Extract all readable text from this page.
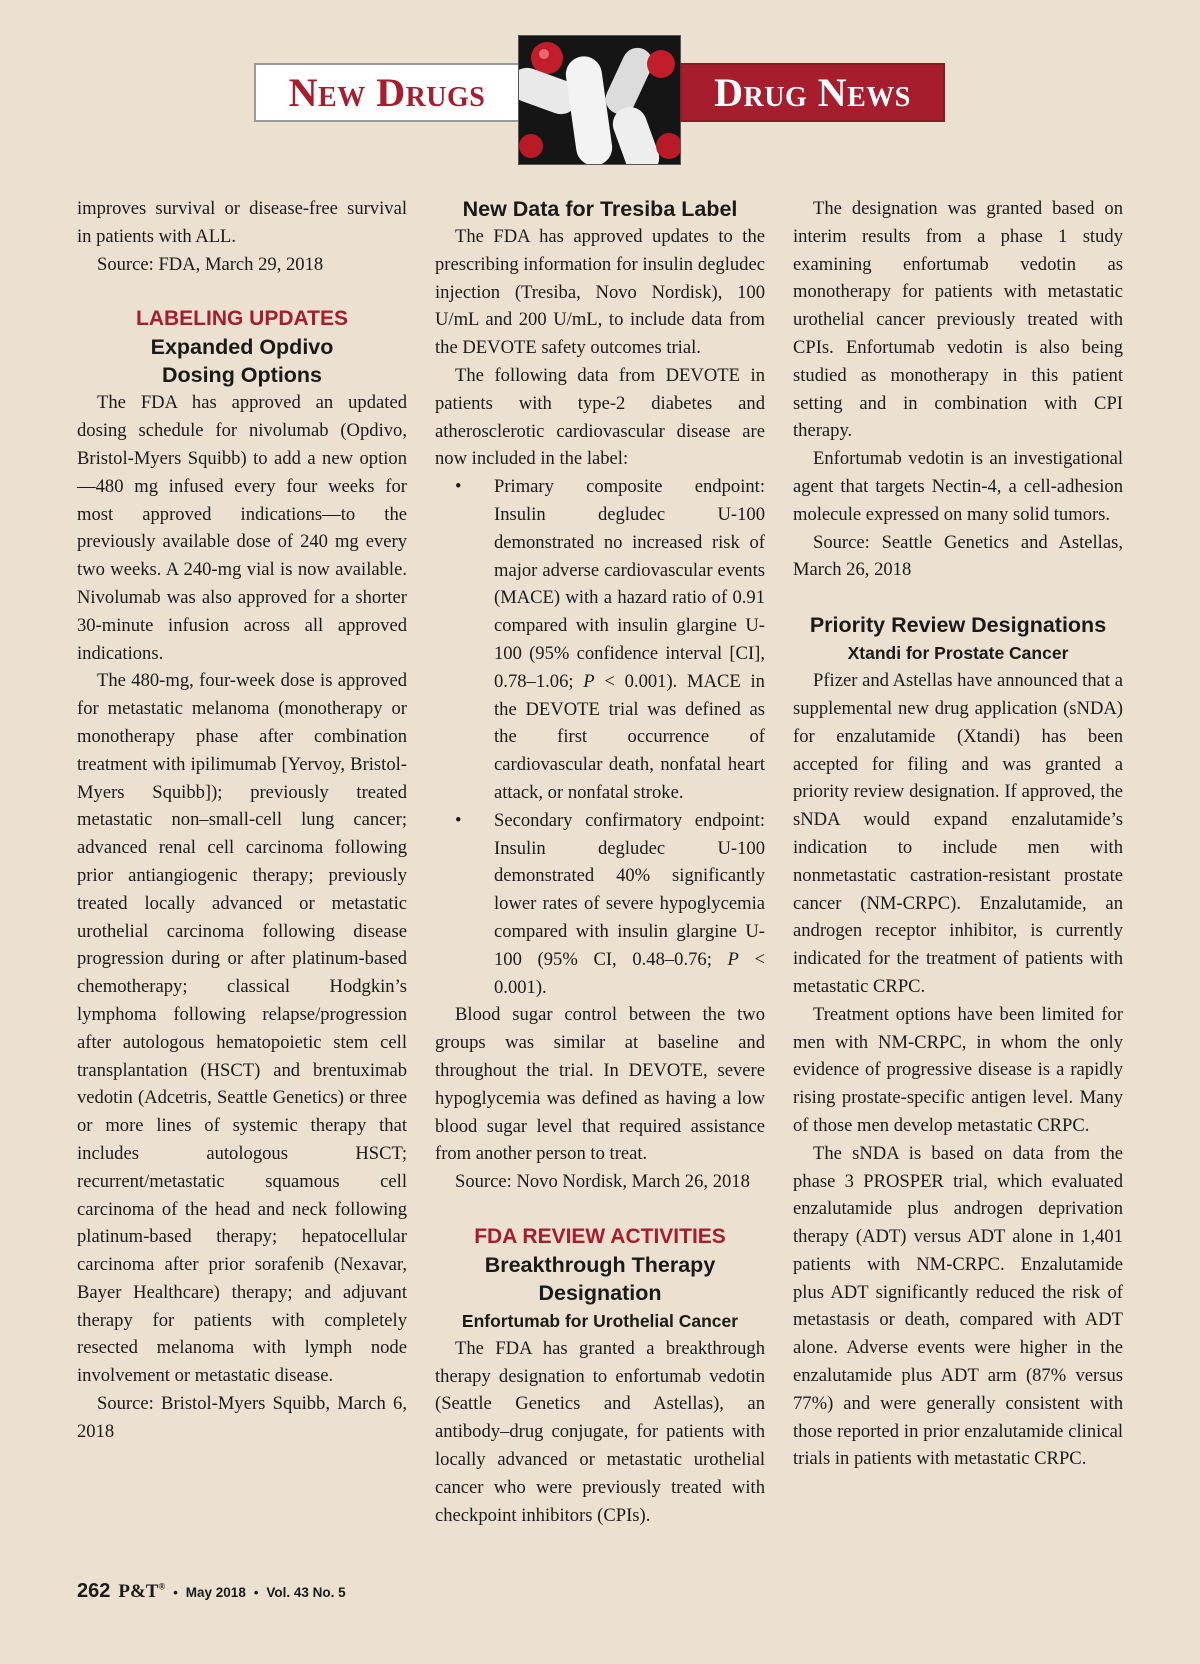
New Drugs	Drug News

improves survival or disease-free survival in patients with ALL.

Source: FDA, March 29, 2018

LABELING UPDATES
Expanded Opdivo
Dosing Options

The FDA has approved an updated dosing schedule for nivolumab (Opdivo, Bristol-Myers Squibb) to add a new option—480 mg infused every four weeks for most approved indications—to the previously available dose of 240 mg every two weeks. A 240-mg vial is now available. Nivolumab was also approved for a shorter 30-minute infusion across all approved indications.

The 480-mg, four-week dose is approved for metastatic melanoma (monotherapy or monotherapy phase after combination treatment with ipilimumab [Yervoy, Bristol-Myers Squibb]); previously treated metastatic non–small-cell lung cancer; advanced renal cell carcinoma following prior antiangiogenic therapy; previously treated locally advanced or metastatic urothelial carcinoma following disease progression during or after platinum-based chemotherapy; classical Hodgkin’s lymphoma following relapse/progression after autologous hematopoietic stem cell transplantation (HSCT) and brentuximab vedotin (Adcetris, Seattle Genetics) or three or more lines of systemic therapy that includes autologous HSCT; recurrent/metastatic squamous cell carcinoma of the head and neck following platinum-based therapy; hepatocellular carcinoma after prior sorafenib (Nexavar, Bayer Healthcare) therapy; and adjuvant therapy for patients with completely resected melanoma with lymph node involvement or metastatic disease.

Source: Bristol-Myers Squibb, March 6, 2018

New Data for Tresiba Label

The FDA has approved updates to the prescribing information for insulin degludec injection (Tresiba, Novo Nordisk), 100 U/mL and 200 U/mL, to include data from the DEVOTE safety outcomes trial.

The following data from DEVOTE in patients with type-2 diabetes and atherosclerotic cardiovascular disease are now included in the label:

• Primary composite endpoint: Insulin degludec U-100 demonstrated no increased risk of major adverse cardiovascular events (MACE) with a hazard ratio of 0.91 compared with insulin glargine U-100 (95% confidence interval [CI], 0.78–1.06; P < 0.001). MACE in the DEVOTE trial was defined as the first occurrence of cardiovascular death, nonfatal heart attack, or nonfatal stroke.
• Secondary confirmatory endpoint: Insulin degludec U-100 demonstrated 40% significantly lower rates of severe hypoglycemia compared with insulin glargine U-100 (95% CI, 0.48–0.76; P < 0.001).

Blood sugar control between the two groups was similar at baseline and throughout the trial. In DEVOTE, severe hypoglycemia was defined as having a low blood sugar level that required assistance from another person to treat.

Source: Novo Nordisk, March 26, 2018

FDA REVIEW ACTIVITIES
Breakthrough Therapy
Designation
Enfortumab for Urothelial Cancer

The FDA has granted a breakthrough therapy designation to enfortumab vedotin (Seattle Genetics and Astellas), an antibody–drug conjugate, for patients with locally advanced or metastatic urothelial cancer who were previously treated with checkpoint inhibitors (CPIs).

The designation was granted based on interim results from a phase 1 study examining enfortumab vedotin as monotherapy for patients with metastatic urothelial cancer previously treated with CPIs. Enfortumab vedotin is also being studied as monotherapy in this patient setting and in combination with CPI therapy.

Enfortumab vedotin is an investigational agent that targets Nectin-4, a cell-adhesion molecule expressed on many solid tumors.

Source: Seattle Genetics and Astellas, March 26, 2018

Priority Review Designations
Xtandi for Prostate Cancer

Pfizer and Astellas have announced that a supplemental new drug application (sNDA) for enzalutamide (Xtandi) has been accepted for filing and was granted a priority review designation. If approved, the sNDA would expand enzalutamide’s indication to include men with nonmetastatic castration-resistant prostate cancer (NM-CRPC). Enzalutamide, an androgen receptor inhibitor, is currently indicated for the treatment of patients with metastatic CRPC.

Treatment options have been limited for men with NM-CRPC, in whom the only evidence of progressive disease is a rapidly rising prostate-specific antigen level. Many of those men develop metastatic CRPC.

The sNDA is based on data from the phase 3 PROSPER trial, which evaluated enzalutamide plus androgen deprivation therapy (ADT) versus ADT alone in 1,401 patients with NM-CRPC. Enzalutamide plus ADT significantly reduced the risk of metastasis or death, compared with ADT alone. Adverse events were higher in the enzalutamide plus ADT arm (87% versus 77%) and were generally consistent with those reported in prior enzalutamide clinical trials in patients with metastatic CRPC.

262 P&T® • May 2018 • Vol. 43 No. 5
